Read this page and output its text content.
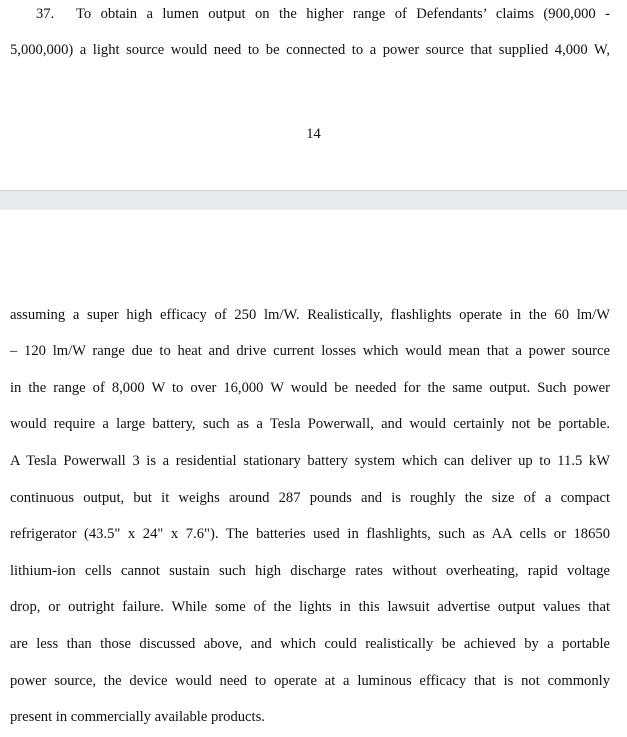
37. To obtain a lumen output on the higher range of Defendants’ claims (900,000 -
5,000,000) a light source would need to be connected to a power source that supplied 4,000 W,
14
assuming a super high efficacy of 250 lm/W. Realistically, flashlights operate in the 60 lm/W
– 120 lm/W range due to heat and drive current losses which would mean that a power source
in the range of 8,000 W to over 16,000 W would be needed for the same output. Such power
would require a large battery, such as a Tesla Powerwall, and would certainly not be portable.
A Tesla Powerwall 3 is a residential stationary battery system which can deliver up to 11.5 kW
continuous output, but it weighs around 287 pounds and is roughly the size of a compact
refrigerator (43.5" x 24" x 7.6"). The batteries used in flashlights, such as AA cells or 18650
lithium-ion cells cannot sustain such high discharge rates without overheating, rapid voltage
drop, or outright failure. While some of the lights in this lawsuit advertise output values that
are less than those discussed above, and which could realistically be achieved by a portable
power source, the device would need to operate at a luminous efficacy that is not commonly
present in commercially available products.
